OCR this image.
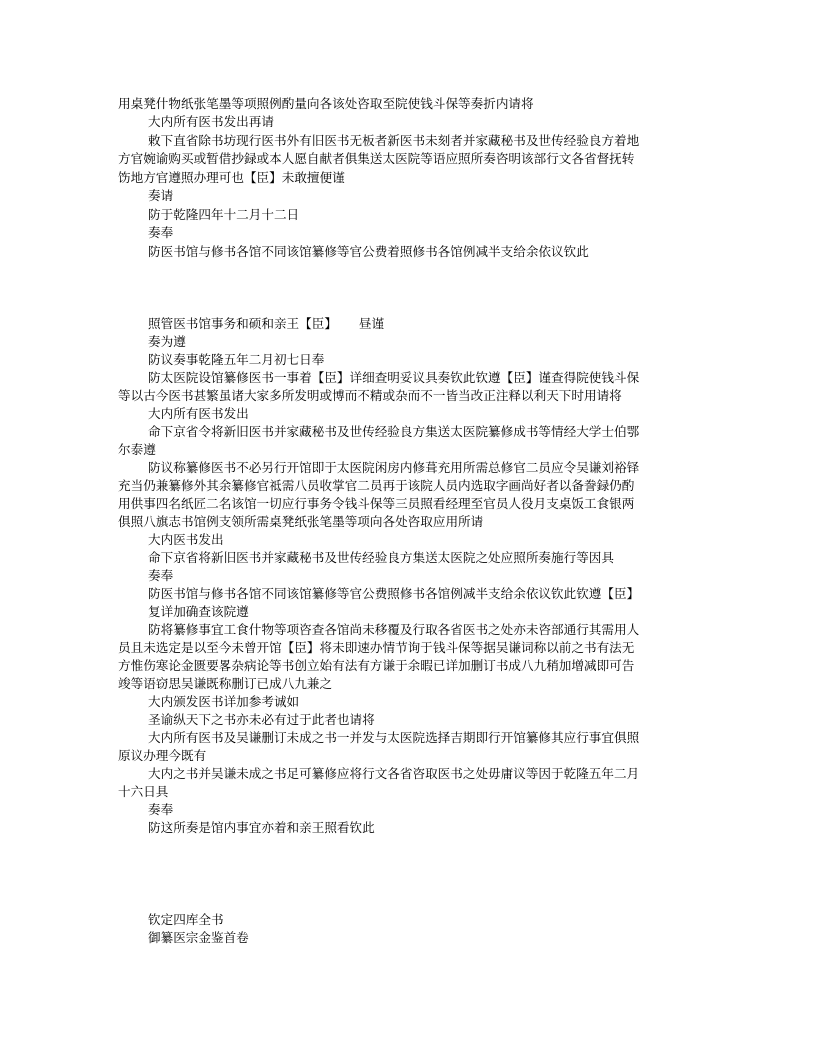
用桌凳什物纸张笔墨等项照例酌量向各该处咨取至院使钱斗保等奏折内请将
大内所有医书发出再请
敕下直省除书坊现行医书外有旧医书无板者新医书未刻者并家藏秘书及世传经验良方着地
方官婉谕购买或暂借抄録或本人愿自献者俱集送太医院等语应照所奏咨明该部行文各省督抚转
饬地方官遵照办理可也【臣】未敢擅便谨
奏请
防于乾隆四年十二月十二日
奏奉
防医书馆与修书各馆不同该馆纂修等官公费着照修书各馆例减半支给余依议钦此
照管医书馆事务和硕和亲王【臣】 昼谨
奏为遵
防议奏事乾隆五年二月初七日奉
防太医院设馆纂修医书一事着【臣】详细查明妥议具奏钦此钦遵【臣】谨查得院使钱斗保
等以古今医书甚繁虽诸大家多所发明或博而不精或杂而不一皆当改正注释以利天下时用请将
大内所有医书发出
命下京省令将新旧医书并家藏秘书及世传经验良方集送太医院纂修成书等情经大学士伯鄂
尔泰遵
防议称纂修医书不必另行开馆即于太医院闲房内修葺充用所需总修官二员应令吴谦刘裕铎
充当仍兼纂修外其余纂修官祗需八员收掌官二员再于该院人员内选取字画尚好者以备誊録仍酌
用供事四名纸匠二名该馆一切应行事务令钱斗保等三员照看经理至官员人役月支桌饭工食银两
俱照八旗志书馆例支领所需桌凳纸张笔墨等项向各处咨取应用所请
大内医书发出
命下京省将新旧医书并家藏秘书及世传经验良方集送太医院之处应照所奏施行等因具
奏奉
防医书馆与修书各馆不同该馆纂修等官公费照修书各馆例减半支给余依议钦此钦遵【臣】
复详加确查该院遵
防将纂修事宜工食什物等项咨查各馆尚未移覆及行取各省医书之处亦未咨部通行其需用人
员且未选定是以至今未曾开馆【臣】将未即速办情节询于钱斗保等据吴谦词称以前之书有法无
方惟伤寒论金匮要畧杂病论等书创立始有法有方谦于余暇已详加删订书成八九稍加增减即可告
竣等语窃思吴谦既称删订已成八九兼之
大内颁发医书详加参考诚如
圣谕纵天下之书亦未必有过于此者也请将
大内所有医书及吴谦删订未成之书一并发与太医院选择吉期即行开馆纂修其应行事宜俱照
原议办理今既有
大内之书并吴谦未成之书足可纂修应将行文各省咨取医书之处毋庸议等因于乾隆五年二月
十六日具
奏奉
防这所奏是馆内事宜亦着和亲王照看钦此
钦定四库全书
御纂医宗金鉴首卷
